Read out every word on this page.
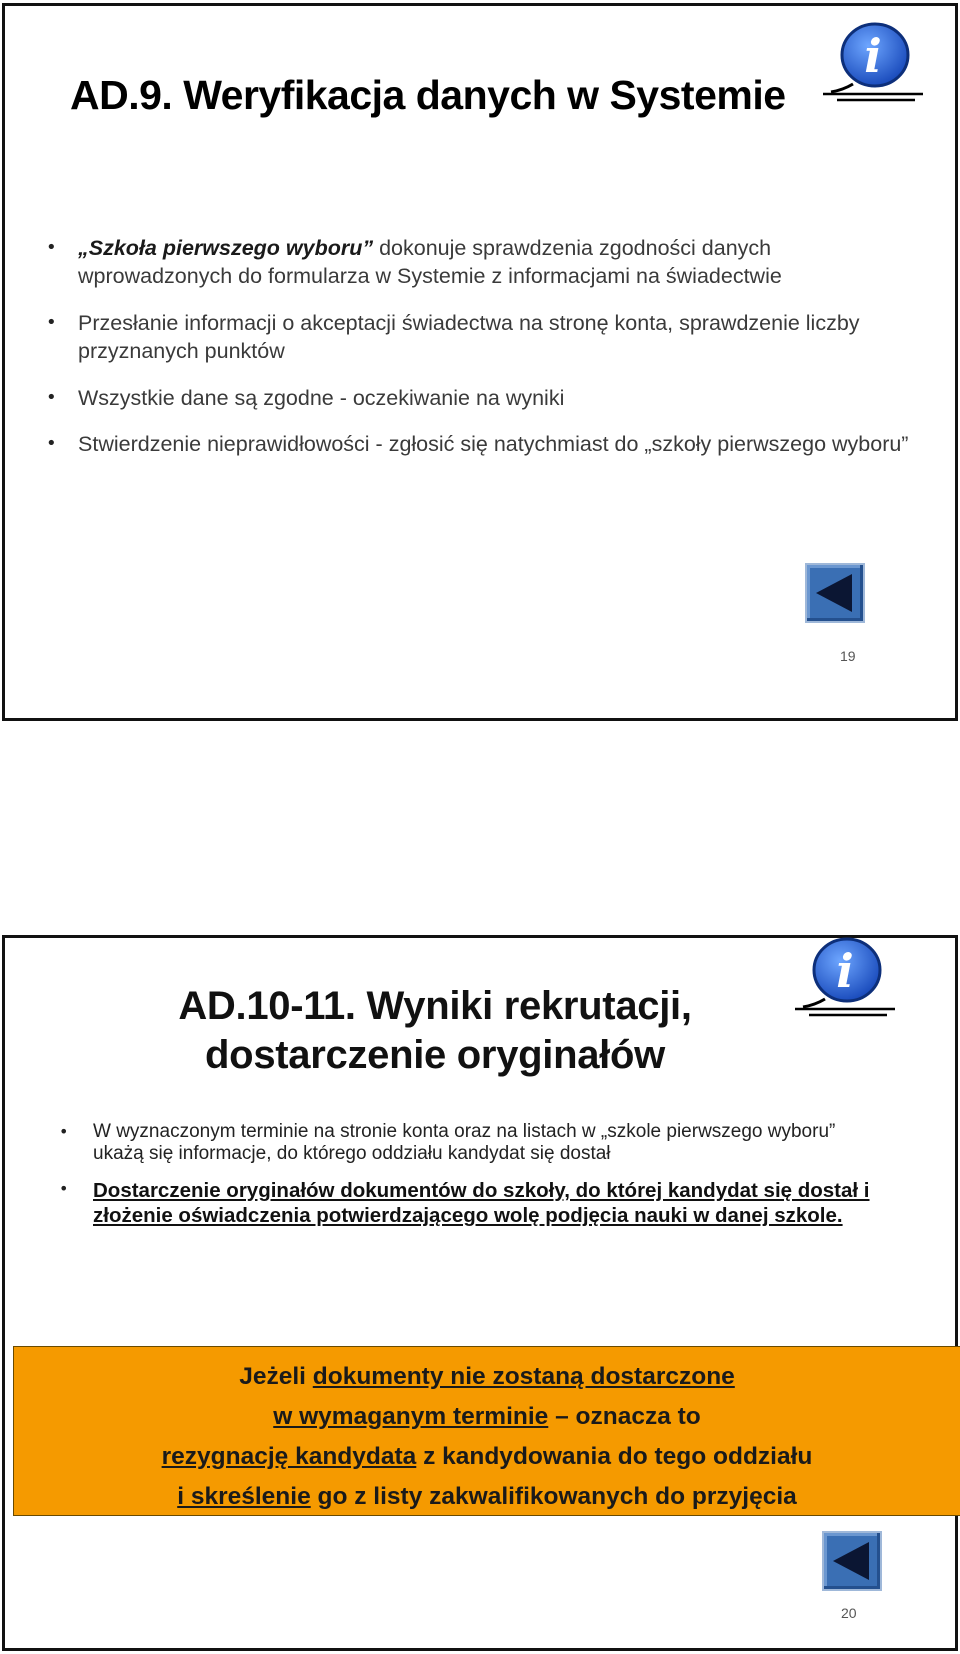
AD.9. Weryfikacja danych w Systemie
i
• „Szkoła pierwszego wyboru” dokonuje sprawdzenia zgodności danych wprowadzonych do formularza w Systemie z informacjami na świadectwie
• Przesłanie informacji o akceptacji świadectwa na stronę konta, sprawdzenie liczby przyznanych punktów
• Wszystkie dane są zgodne - oczekiwanie na wyniki
• Stwierdzenie nieprawidłowości - zgłosić się natychmiast do „szkoły pierwszego wyboru”
19
AD.10-11. Wyniki rekrutacji,
dostarczenie oryginałów
i
• W wyznaczonym terminie na stronie konta oraz na listach w „szkole pierwszego wyboru” ukażą się informacje, do którego oddziału kandydat się dostał
• Dostarczenie oryginałów dokumentów do szkoły, do której kandydat się dostał i złożenie oświadczenia potwierdzającego wolę podjęcia nauki w danej szkole.

Jeżeli dokumenty nie zostaną dostarczone

w wymaganym terminie – oznacza to

rezygnację kandydata z kandydowania do tego oddziału

i skreślenie go z listy zakwalifikowanych do przyjęcia

20
